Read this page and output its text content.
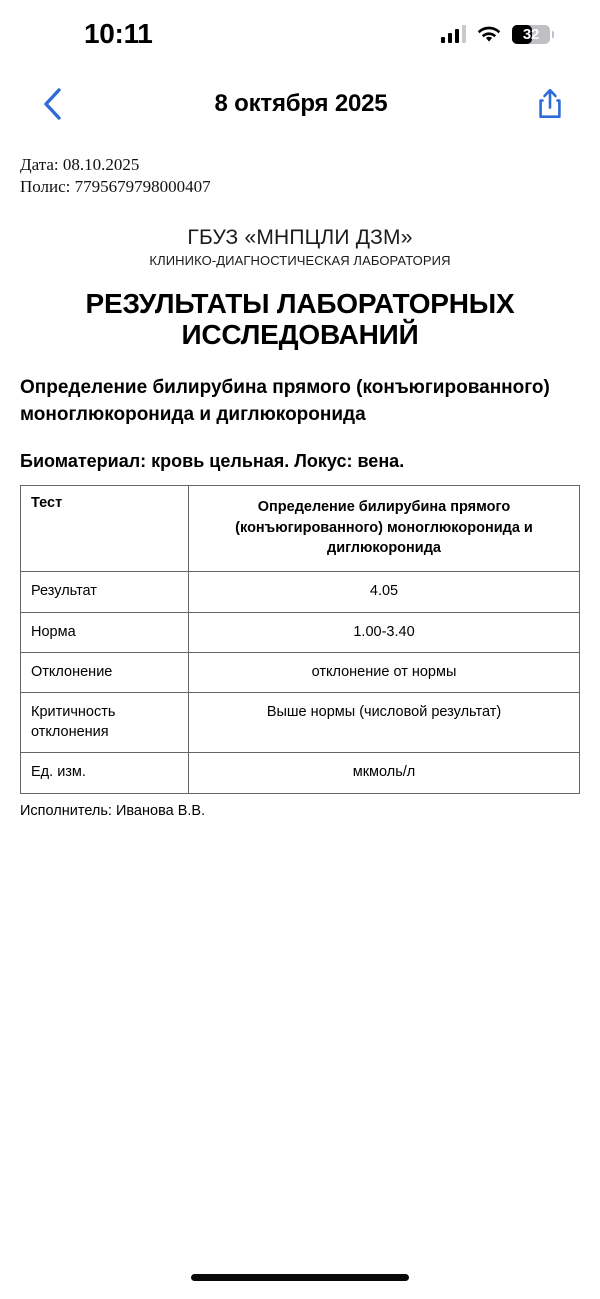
10:11	32
8 октября 2025
Дата: 08.10.2025
Полис: 7795679798000407
ГБУЗ «МНПЦЛИ ДЗМ»
КЛИНИКО-ДИАГНОСТИЧЕСКАЯ ЛАБОРАТОРИЯ
РЕЗУЛЬТАТЫ ЛАБОРАТОРНЫХ
ИССЛЕДОВАНИЙ
Определение билирубина прямого (конъюгированного) моноглюкоронида и диглюкоронида
Биоматериал: кровь цельная. Локус: вена.
Тест	Определение билирубина прямого (конъюгированного) моноглюкоронида и диглюкоронида
Результат	4.05
Норма	1.00-3.40
Отклонение	отклонение от нормы
Критичность отклонения	Выше нормы (числовой результат)
Ед. изм.	мкмоль/л
Исполнитель: Иванова В.В.
